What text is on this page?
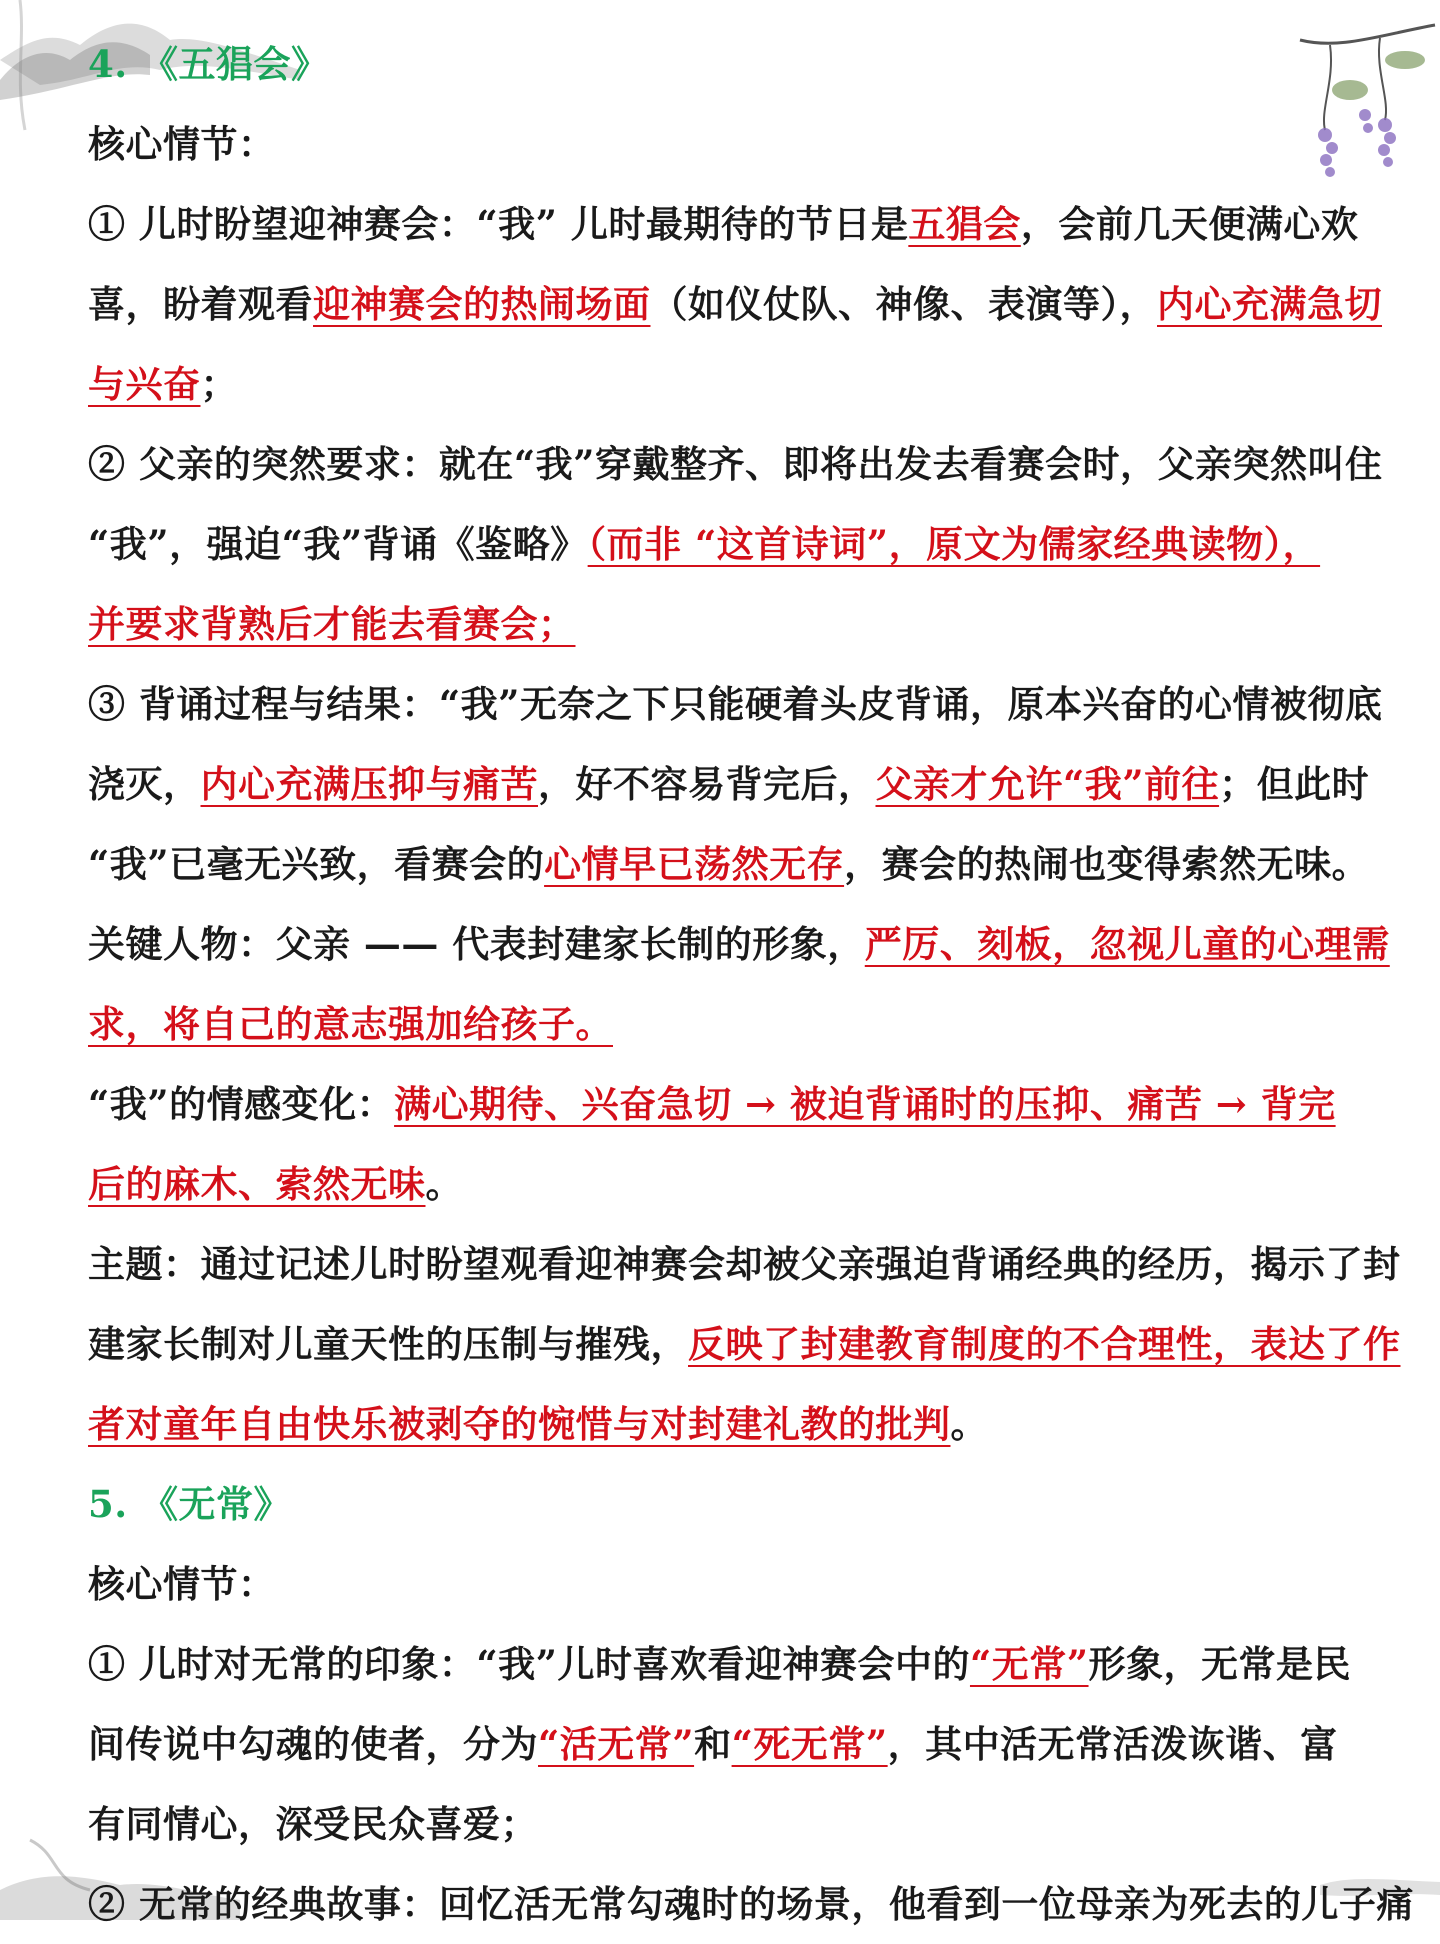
4. 《五猖会》
核心情节：
① 儿时盼望迎神赛会：“我” 儿时最期待的节日是五猖会，会前几天便满心欢
喜，盼着观看迎神赛会的热闹场面（如仪仗队、神像、表演等），内心充满急切
与兴奋；
② 父亲的突然要求：就在“我”穿戴整齐、即将出发去看赛会时，父亲突然叫住
“我”，强迫“我”背诵《鉴略》（而非 “这首诗词”，原文为儒家经典读物），
并要求背熟后才能去看赛会；
③ 背诵过程与结果：“我”无奈之下只能硬着头皮背诵，原本兴奋的心情被彻底
浇灭，内心充满压抑与痛苦，好不容易背完后，父亲才允许“我”前往；但此时
“我”已毫无兴致，看赛会的心情早已荡然无存，赛会的热闹也变得索然无味。
关键人物：父亲 —— 代表封建家长制的形象，严厉、刻板，忽视儿童的心理需
求，将自己的意志强加给孩子。
“我”的情感变化：满心期待、兴奋急切 → 被迫背诵时的压抑、痛苦 → 背完
后的麻木、索然无味。
主题：通过记述儿时盼望观看迎神赛会却被父亲强迫背诵经典的经历，揭示了封
建家长制对儿童天性的压制与摧残，反映了封建教育制度的不合理性，表达了作
者对童年自由快乐被剥夺的惋惜与对封建礼教的批判。
5. 《无常》
核心情节：
① 儿时对无常的印象：“我”儿时喜欢看迎神赛会中的“无常”形象，无常是民
间传说中勾魂的使者，分为“活无常”和“死无常”，其中活无常活泼诙谐、富
有同情心，深受民众喜爱；
② 无常的经典故事：回忆活无常勾魂时的场景，他看到一位母亲为死去的儿子痛
